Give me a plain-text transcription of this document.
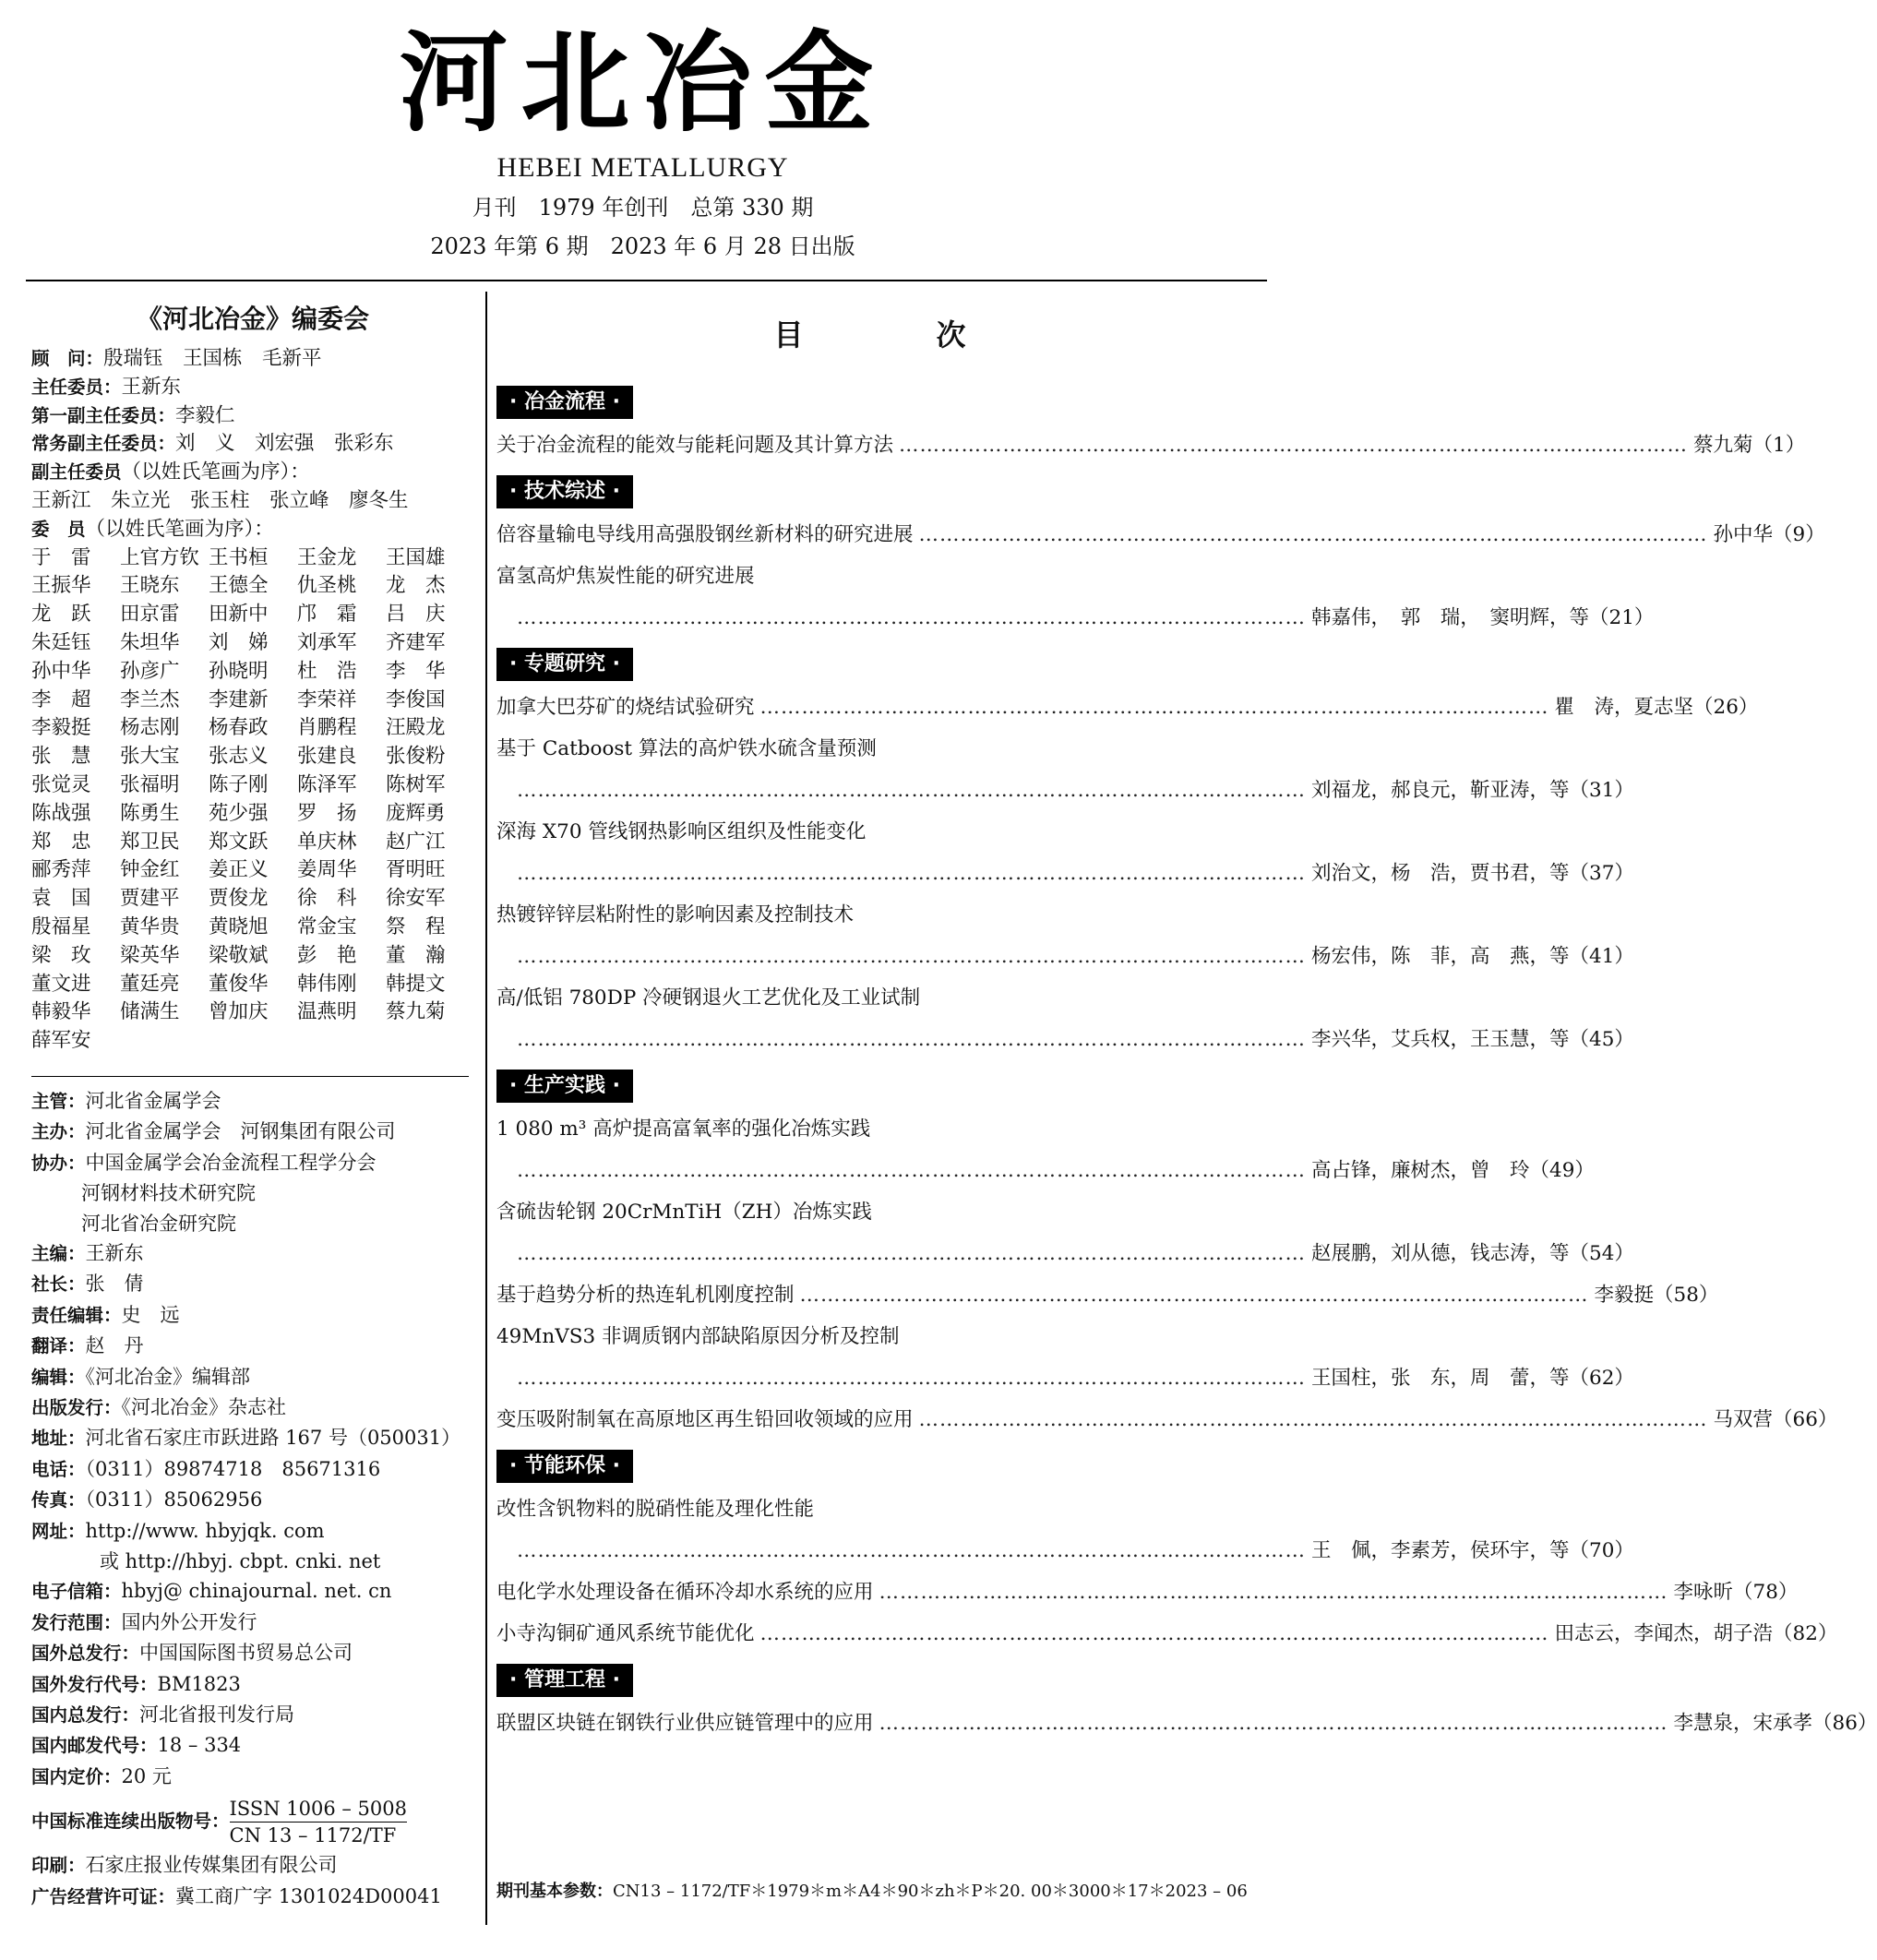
河北冶金
HEBEI METALLURGY
月刊　1979 年创刊　总第 330 期
2023 年第 6 期　2023 年 6 月 28 日出版
《河北冶金》编委会
顾　问：殷瑞钰　王国栋　毛新平
主任委员：王新东
第一副主任委员：李毅仁
常务副主任委员：刘　义　刘宏强　张彩东
副主任委员（以姓氏笔画为序）：
王新江　朱立光　张玉柱　张立峰　廖冬生
委　员（以姓氏笔画为序）：
于　雷	上官方钦 王书桓	王金龙	王国雄
王振华	王晓东	王德全	仇圣桃	龙　杰
龙　跃	田京雷	田新中	邝　霜	吕　庆
朱廷钰	朱坦华	刘　娣	刘承军	齐建军
孙中华	孙彦广	孙晓明	杜　浩	李　华
李　超	李兰杰	李建新	李荣祥	李俊国
李毅挺	杨志刚	杨春政	肖鹏程	汪殿龙
张　慧	张大宝	张志义	张建良	张俊粉
张觉灵	张福明	陈子刚	陈泽军	陈树军
陈战强	陈勇生	苑少强	罗　扬	庞辉勇
郑　忠	郑卫民	郑文跃	单庆林	赵广江
郦秀萍	钟金红	姜正义	姜周华	胥明旺
袁　国	贾建平	贾俊龙	徐　科	徐安军
殷福星	黄华贵	黄晓旭	常金宝	祭　程
梁　玫	梁英华	梁敬斌	彭　艳	董　瀚
董文进	董廷亮	董俊华	韩伟刚	韩提文
韩毅华	储满生	曾加庆	温燕明	蔡九菊
薛军安
主管：河北省金属学会
主办：河北省金属学会　河钢集团有限公司
协办：中国金属学会冶金流程工程学分会
河钢材料技术研究院
河北省冶金研究院
主编：王新东
社长：张　倩
责任编辑：史　远
翻译：赵　丹
编辑：《河北冶金》编辑部
出版发行：《河北冶金》杂志社
地址：河北省石家庄市跃进路 167 号（050031）
电话：（0311）89874718　85671316
传真：（0311）85062956
网址：http://www. hbyjqk. com
或 http://hbyj. cbpt. cnki. net
电子信箱：hbyj@ chinajournal. net. cn
发行范围：国内外公开发行
国外总发行：中国国际图书贸易总公司
国外发行代号：BM1823
国内总发行：河北省报刊发行局
国内邮发代号：18 – 334
国内定价：20 元
中国标准连续出版物号：
ISSN 1006 – 5008
CN 13 – 1172/TF
印刷：石家庄报业传媒集团有限公司
广告经营许可证：冀工商广字 1301024D00041
目　次
· 冶金流程 ·
关于冶金流程的能效与能耗问题及其计算方法 …………………………………………………………………………………………………… 蔡九菊 （1）
· 技术综述 ·
倍容量输电导线用高强股钢丝新材料的研究进展 …………………………………………………………………………………………………… 孙中华 （9）
富氢高炉焦炭性能的研究进展
…………………………………………………………………………………………………… 韩嘉伟，　郭　瑞，　窦明辉，等 （21）
· 专题研究 ·
加拿大巴芬矿的烧结试验研究 …………………………………………………………………………………………………… 瞿　涛，夏志坚 （26）
基于 Catboost 算法的高炉铁水硫含量预测
…………………………………………………………………………………………………… 刘福龙，郝良元，靳亚涛，等 （31）
深海 X70 管线钢热影响区组织及性能变化
…………………………………………………………………………………………………… 刘治文，杨　浩，贾书君，等 （37）
热镀锌锌层粘附性的影响因素及控制技术
…………………………………………………………………………………………………… 杨宏伟，陈　菲，高　燕，等 （41）
高/低铝 780DP 冷硬钢退火工艺优化及工业试制
…………………………………………………………………………………………………… 李兴华，艾兵权，王玉慧，等 （45）
· 生产实践 ·
1 080 m³ 高炉提高富氧率的强化冶炼实践
…………………………………………………………………………………………………… 高占锋，廉树杰，曾　玲 （49）
含硫齿轮钢 20CrMnTiH（ZH）冶炼实践
…………………………………………………………………………………………………… 赵展鹏，刘从德，钱志涛，等 （54）
基于趋势分析的热连轧机刚度控制 …………………………………………………………………………………………………… 李毅挺 （58）
49MnVS3 非调质钢内部缺陷原因分析及控制
…………………………………………………………………………………………………… 王国柱，张　东，周　蕾，等 （62）
变压吸附制氧在高原地区再生铅回收领域的应用 …………………………………………………………………………………………………… 马双营 （66）
· 节能环保 ·
改性含钒物料的脱硝性能及理化性能
…………………………………………………………………………………………………… 王　佩，李素芳，侯环宇，等 （70）
电化学水处理设备在循环冷却水系统的应用 …………………………………………………………………………………………………… 李咏昕 （78）
小寺沟铜矿通风系统节能优化 …………………………………………………………………………………………………… 田志云，李闻杰，胡子浩 （82）
· 管理工程 ·
联盟区块链在钢铁行业供应链管理中的应用 …………………………………………………………………………………………………… 李慧泉，宋承孝 （86）
期刊基本参数：CN13 – 1172/TF＊1979＊m＊A4＊90＊zh＊P＊20. 00＊3000＊17＊2023 – 06
